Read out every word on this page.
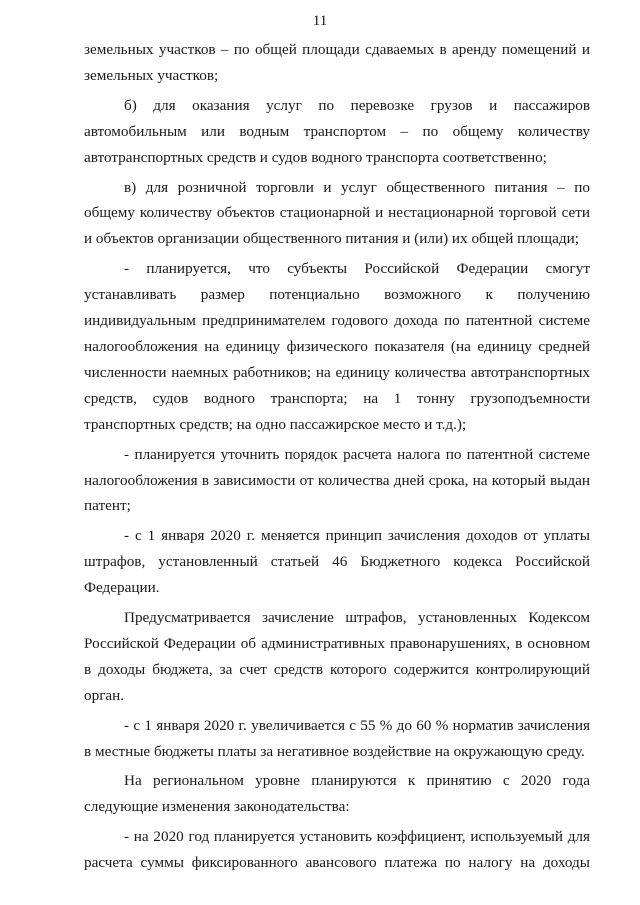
11

земельных участков – по общей площади сдаваемых в аренду помещений и земельных участков;

б) для оказания услуг по перевозке грузов и пассажиров автомобильным или водным транспортом – по общему количеству автотранспортных средств и судов водного транспорта соответственно;

в) для розничной торговли и услуг общественного питания – по общему количеству объектов стационарной и нестационарной торговой сети и объектов организации общественного питания и (или) их общей площади;

- планируется, что субъекты Российской Федерации смогут устанавливать размер потенциально возможного к получению индивидуальным предпринимателем годового дохода по патентной системе налогообложения на единицу физического показателя (на единицу средней численности наемных работников; на единицу количества автотранспортных средств, судов водного транспорта; на 1 тонну грузоподъемности транспортных средств; на одно пассажирское место и т.д.);

- планируется уточнить порядок расчета налога по патентной системе налогообложения в зависимости от количества дней срока, на который выдан патент;

- с 1 января 2020 г. меняется принцип зачисления доходов от уплаты штрафов, установленный статьей 46 Бюджетного кодекса Российской Федерации.

Предусматривается зачисление штрафов, установленных Кодексом Российской Федерации об административных правонарушениях, в основном в доходы бюджета, за счет средств которого содержится контролирующий орган.

- с 1 января 2020 г. увеличивается с 55 % до 60 % норматив зачисления в местные бюджеты платы за негативное воздействие на окружающую среду.

На региональном уровне планируются к принятию с 2020 года следующие изменения законодательства:

- на 2020 год планируется установить коэффициент, используемый для расчета суммы фиксированного авансового платежа по налогу на доходы
